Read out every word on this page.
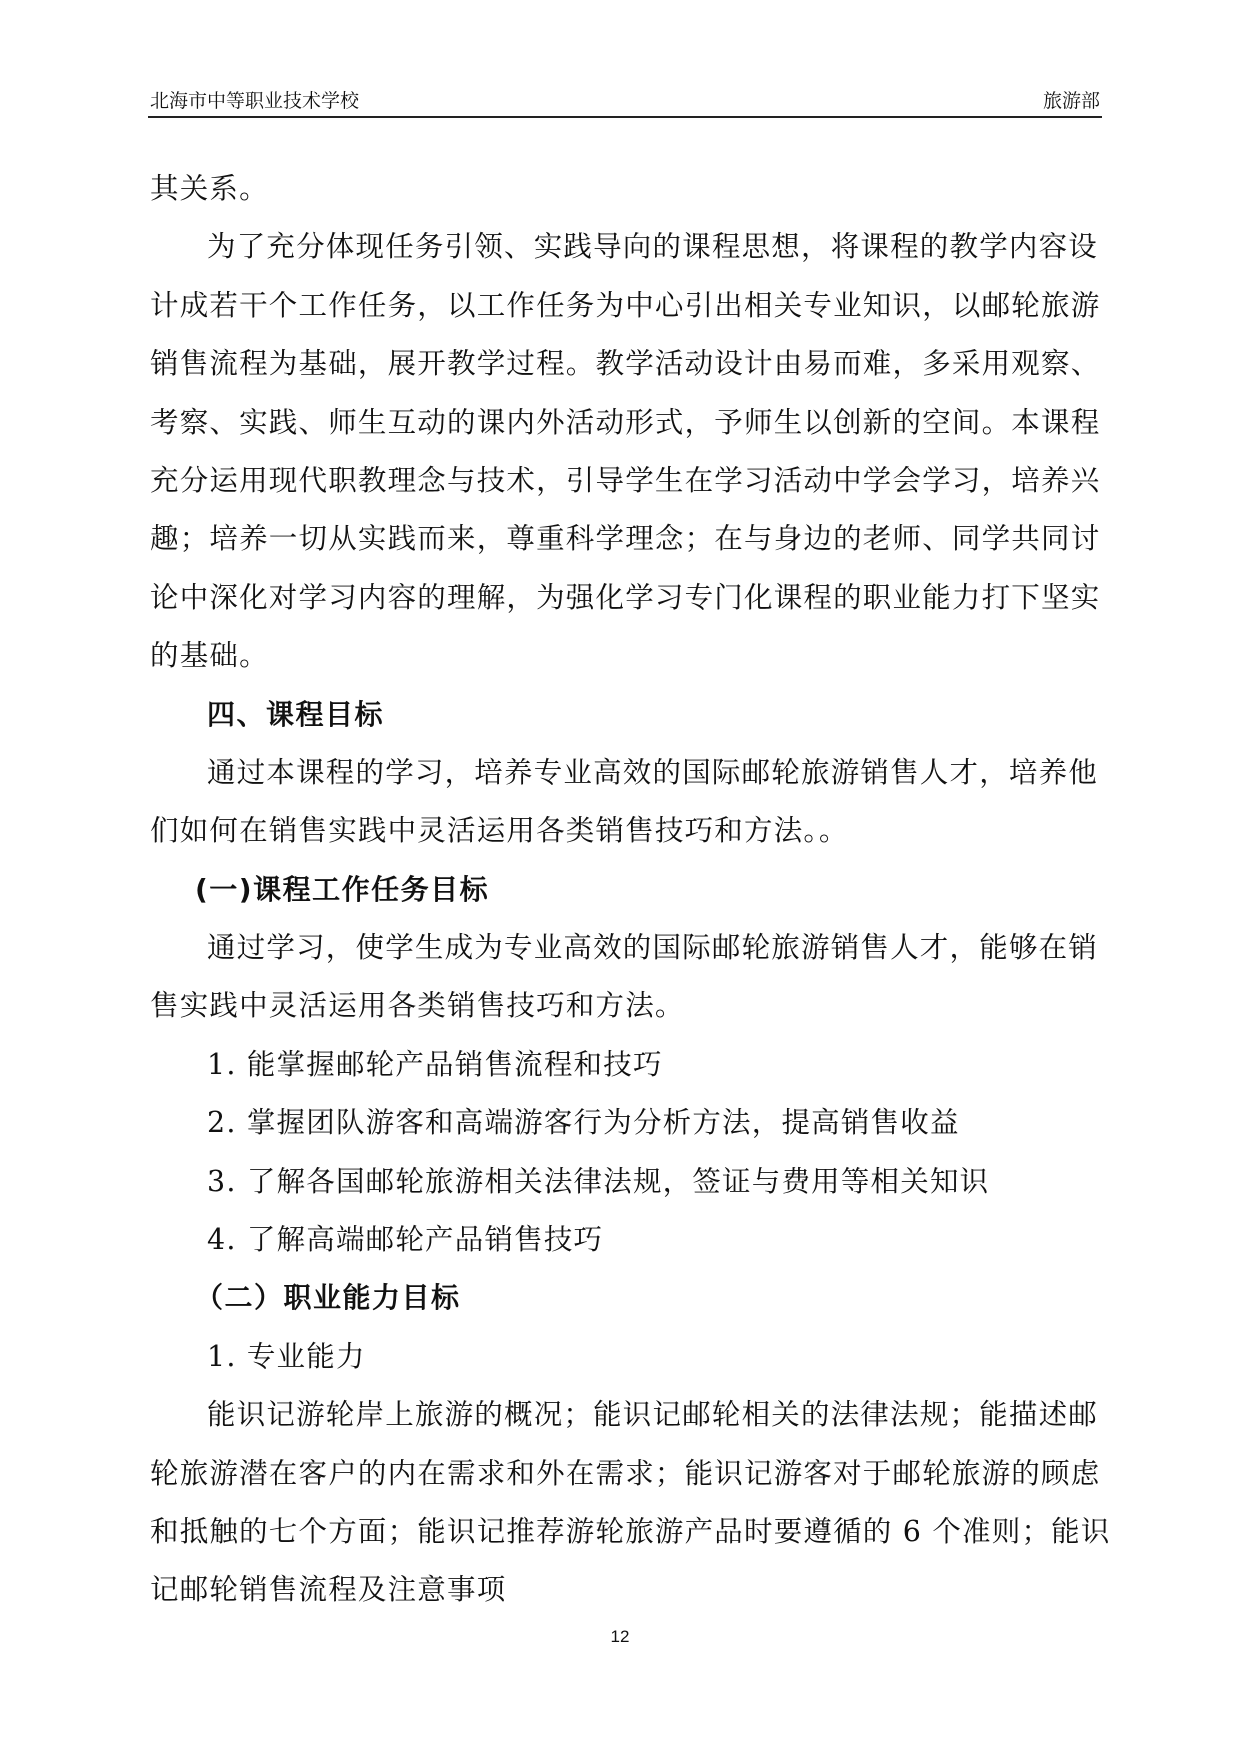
北海市中等职业技术学校	旅游部
其关系。
为了充分体现任务引领、实践导向的课程思想，将课程的教学内容设
计成若干个工作任务，以工作任务为中心引出相关专业知识，以邮轮旅游
销售流程为基础，展开教学过程。教学活动设计由易而难，多采用观察、
考察、实践、师生互动的课内外活动形式，予师生以创新的空间。本课程
充分运用现代职教理念与技术，引导学生在学习活动中学会学习，培养兴
趣；培养一切从实践而来，尊重科学理念；在与身边的老师、同学共同讨
论中深化对学习内容的理解，为强化学习专门化课程的职业能力打下坚实
的基础。
四、课程目标
通过本课程的学习，培养专业高效的国际邮轮旅游销售人才，培养他
们如何在销售实践中灵活运用各类销售技巧和方法。。
(一)课程工作任务目标
通过学习，使学生成为专业高效的国际邮轮旅游销售人才，能够在销
售实践中灵活运用各类销售技巧和方法。
1. 能掌握邮轮产品销售流程和技巧
2. 掌握团队游客和高端游客行为分析方法，提高销售收益
3. 了解各国邮轮旅游相关法律法规，签证与费用等相关知识
4. 了解高端邮轮产品销售技巧
（二）职业能力目标
1. 专业能力
能识记游轮岸上旅游的概况；能识记邮轮相关的法律法规；能描述邮
轮旅游潜在客户的内在需求和外在需求；能识记游客对于邮轮旅游的顾虑
和抵触的七个方面；能识记推荐游轮旅游产品时要遵循的 6 个准则；能识
记邮轮销售流程及注意事项
12
